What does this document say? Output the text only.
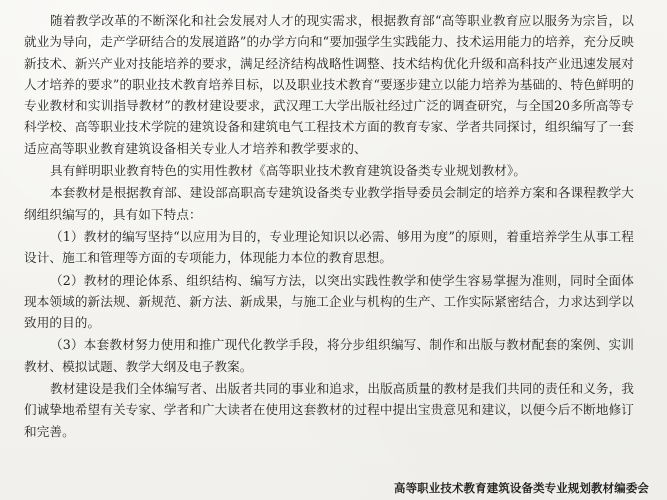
随着教学改革的不断深化和社会发展对人才的现实需求，根据教育部“高等职业教育应以服务为宗旨，以就业为导向，走产学研结合的发展道路”的办学方向和“要加强学生实践能力、技术运用能力的培养，充分反映新技术、新兴产业对技能培养的要求，满足经济结构战略性调整、技术结构优化升级和高科技产业迅速发展对人才培养的要求”的职业技术教育培养目标，以及职业技术教育“要逐步建立以能力培养为基础的、特色鲜明的专业教材和实训指导教材”的教材建设要求，武汉理工大学出版社经过广泛的调查研究，与全国20多所高等专科学校、高等职业技术学院的建筑设备和建筑电气工程技术方面的教育专家、学者共同探讨，组织编写了一套适应高等职业教育建筑设备相关专业人才培养和教学要求的、

具有鲜明职业教育特色的实用性教材《高等职业技术教育建筑设备类专业规划教材》。

本套教材是根据教育部、建设部高职高专建筑设备类专业教学指导委员会制定的培养方案和各课程教学大纲组织编写的，具有如下特点：

（1）教材的编写坚持“以应用为目的，专业理论知识以必需、够用为度”的原则，着重培养学生从事工程设计、施工和管理等方面的专项能力，体现能力本位的教育思想。

（2）教材的理论体系、组织结构、编写方法，以突出实践性教学和使学生容易掌握为准则，同时全面体现本领域的新法规、新规范、新方法、新成果，与施工企业与机构的生产、工作实际紧密结合，力求达到学以致用的目的。

（3）本套教材努力使用和推广现代化教学手段，将分步组织编写、制作和出版与教材配套的案例、实训教材、模拟试题、教学大纲及电子教案。

教材建设是我们全体编写者、出版者共同的事业和追求，出版高质量的教材是我们共同的责任和义务，我们诚挚地希望有关专家、学者和广大读者在使用这套教材的过程中提出宝贵意见和建议，以便今后不断地修订和完善。

高等职业技术教育建筑设备类专业规划教材编委会
